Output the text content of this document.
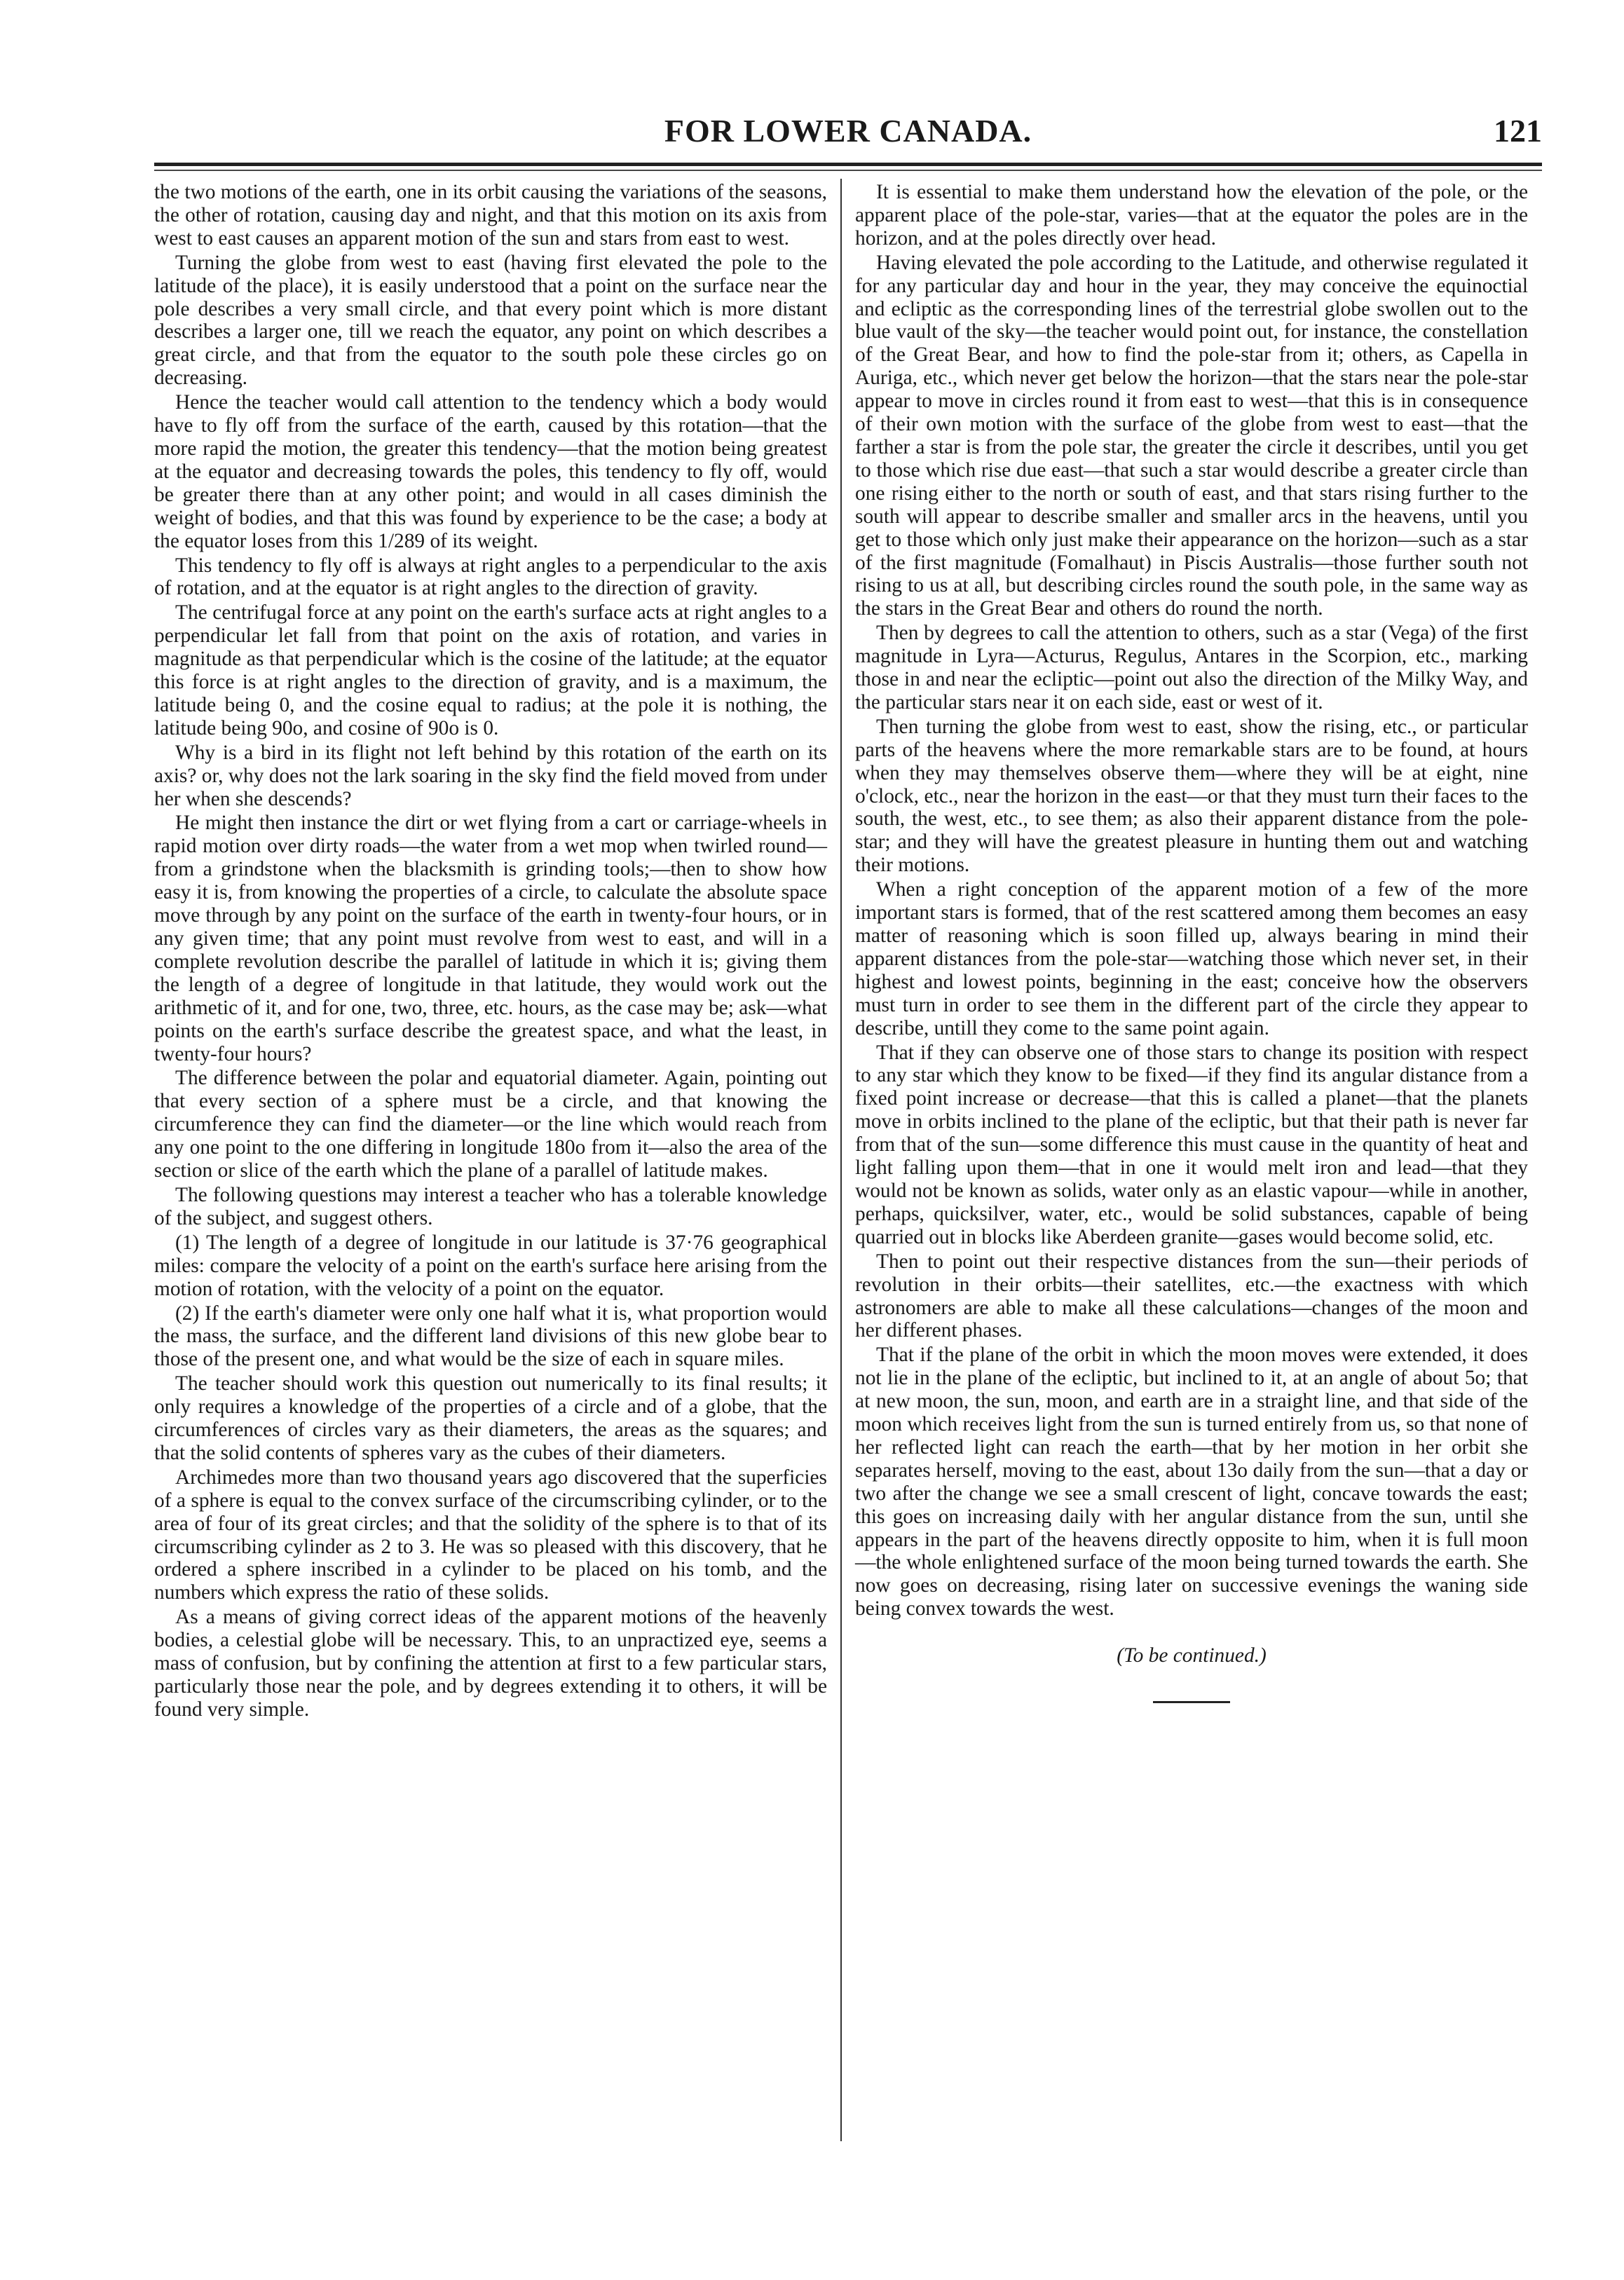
FOR LOWER CANADA.	121

the two motions of the earth, one in its orbit causing the variations of the seasons, the other of rotation, causing day and night, and that this motion on its axis from west to east causes an apparent motion of the sun and stars from east to west.

Turning the globe from west to east (having first elevated the pole to the latitude of the place), it is easily understood that a point on the surface near the pole describes a very small circle, and that every point which is more distant describes a larger one, till we reach the equator, any point on which describes a great circle, and that from the equator to the south pole these circles go on decreasing.

Hence the teacher would call attention to the tendency which a body would have to fly off from the surface of the earth, caused by this rotation—that the more rapid the motion, the greater this tendency—that the motion being greatest at the equator and decreasing towards the poles, this tendency to fly off, would be greater there than at any other point; and would in all cases diminish the weight of bodies, and that this was found by experience to be the case; a body at the equator loses from this 1/289 of its weight.

This tendency to fly off is always at right angles to a perpendicular to the axis of rotation, and at the equator is at right angles to the direction of gravity.

The centrifugal force at any point on the earth's surface acts at right angles to a perpendicular let fall from that point on the axis of rotation, and varies in magnitude as that perpendicular which is the cosine of the latitude; at the equator this force is at right angles to the direction of gravity, and is a maximum, the latitude being 0, and the cosine equal to radius; at the pole it is nothing, the latitude being 90o, and cosine of 90o is 0.

Why is a bird in its flight not left behind by this rotation of the earth on its axis? or, why does not the lark soaring in the sky find the field moved from under her when she descends?

He might then instance the dirt or wet flying from a cart or carriage-wheels in rapid motion over dirty roads—the water from a wet mop when twirled round—from a grindstone when the blacksmith is grinding tools;—then to show how easy it is, from knowing the properties of a circle, to calculate the absolute space move through by any point on the surface of the earth in twenty-four hours, or in any given time; that any point must revolve from west to east, and will in a complete revolution describe the parallel of latitude in which it is; giving them the length of a degree of longitude in that latitude, they would work out the arithmetic of it, and for one, two, three, etc. hours, as the case may be; ask—what points on the earth's surface describe the greatest space, and what the least, in twenty-four hours?

The difference between the polar and equatorial diameter. Again, pointing out that every section of a sphere must be a circle, and that knowing the circumference they can find the diameter—or the line which would reach from any one point to the one differing in longitude 180o from it—also the area of the section or slice of the earth which the plane of a parallel of latitude makes.

The following questions may interest a teacher who has a tolerable knowledge of the subject, and suggest others.

(1) The length of a degree of longitude in our latitude is 37·76 geographical miles: compare the velocity of a point on the earth's surface here arising from the motion of rotation, with the velocity of a point on the equator.

(2) If the earth's diameter were only one half what it is, what proportion would the mass, the surface, and the different land divisions of this new globe bear to those of the present one, and what would be the size of each in square miles.

The teacher should work this question out numerically to its final results; it only requires a knowledge of the properties of a circle and of a globe, that the circumferences of circles vary as their diameters, the areas as the squares; and that the solid contents of spheres vary as the cubes of their diameters.

Archimedes more than two thousand years ago discovered that the superficies of a sphere is equal to the convex surface of the circumscribing cylinder, or to the area of four of its great circles; and that the solidity of the sphere is to that of its circumscribing cylinder as 2 to 3. He was so pleased with this discovery, that he ordered a sphere inscribed in a cylinder to be placed on his tomb, and the numbers which express the ratio of these solids.

As a means of giving correct ideas of the apparent motions of the heavenly bodies, a celestial globe will be necessary. This, to an unpractized eye, seems a mass of confusion, but by confining the attention at first to a few particular stars, particularly those near the pole, and by degrees extending it to others, it will be found very simple.

It is essential to make them understand how the elevation of the pole, or the apparent place of the pole-star, varies—that at the equator the poles are in the horizon, and at the poles directly over head.

Having elevated the pole according to the Latitude, and otherwise regulated it for any particular day and hour in the year, they may conceive the equinoctial and ecliptic as the corresponding lines of the terrestrial globe swollen out to the blue vault of the sky—the teacher would point out, for instance, the constellation of the Great Bear, and how to find the pole-star from it; others, as Capella in Auriga, etc., which never get below the horizon—that the stars near the pole-star appear to move in circles round it from east to west—that this is in consequence of their own motion with the surface of the globe from west to east—that the farther a star is from the pole star, the greater the circle it describes, until you get to those which rise due east—that such a star would describe a greater circle than one rising either to the north or south of east, and that stars rising further to the south will appear to describe smaller and smaller arcs in the heavens, until you get to those which only just make their appearance on the horizon—such as a star of the first magnitude (Fomalhaut) in Piscis Australis—those further south not rising to us at all, but describing circles round the south pole, in the same way as the stars in the Great Bear and others do round the north.

Then by degrees to call the attention to others, such as a star (Vega) of the first magnitude in Lyra—Acturus, Regulus, Antares in the Scorpion, etc., marking those in and near the ecliptic—point out also the direction of the Milky Way, and the particular stars near it on each side, east or west of it.

Then turning the globe from west to east, show the rising, etc., or particular parts of the heavens where the more remarkable stars are to be found, at hours when they may themselves observe them—where they will be at eight, nine o'clock, etc., near the horizon in the east—or that they must turn their faces to the south, the west, etc., to see them; as also their apparent distance from the pole-star; and they will have the greatest pleasure in hunting them out and watching their motions.

When a right conception of the apparent motion of a few of the more important stars is formed, that of the rest scattered among them becomes an easy matter of reasoning which is soon filled up, always bearing in mind their apparent distances from the pole-star—watching those which never set, in their highest and lowest points, beginning in the east; conceive how the observers must turn in order to see them in the different part of the circle they appear to describe, untill they come to the same point again.

That if they can observe one of those stars to change its position with respect to any star which they know to be fixed—if they find its angular distance from a fixed point increase or decrease—that this is called a planet—that the planets move in orbits inclined to the plane of the ecliptic, but that their path is never far from that of the sun—some difference this must cause in the quantity of heat and light falling upon them—that in one it would melt iron and lead—that they would not be known as solids, water only as an elastic vapour—while in another, perhaps, quicksilver, water, etc., would be solid substances, capable of being quarried out in blocks like Aberdeen granite—gases would become solid, etc.

Then to point out their respective distances from the sun—their periods of revolution in their orbits—their satellites, etc.—the exactness with which astronomers are able to make all these calculations—changes of the moon and her different phases.

That if the plane of the orbit in which the moon moves were extended, it does not lie in the plane of the ecliptic, but inclined to it, at an angle of about 5o; that at new moon, the sun, moon, and earth are in a straight line, and that side of the moon which receives light from the sun is turned entirely from us, so that none of her reflected light can reach the earth—that by her motion in her orbit she separates herself, moving to the east, about 13o daily from the sun—that a day or two after the change we see a small crescent of light, concave towards the east; this goes on increasing daily with her angular distance from the sun, until she appears in the part of the heavens directly opposite to him, when it is full moon—the whole enlightened surface of the moon being turned towards the earth. She now goes on decreasing, rising later on successive evenings the waning side being convex towards the west.

(To be continued.)
